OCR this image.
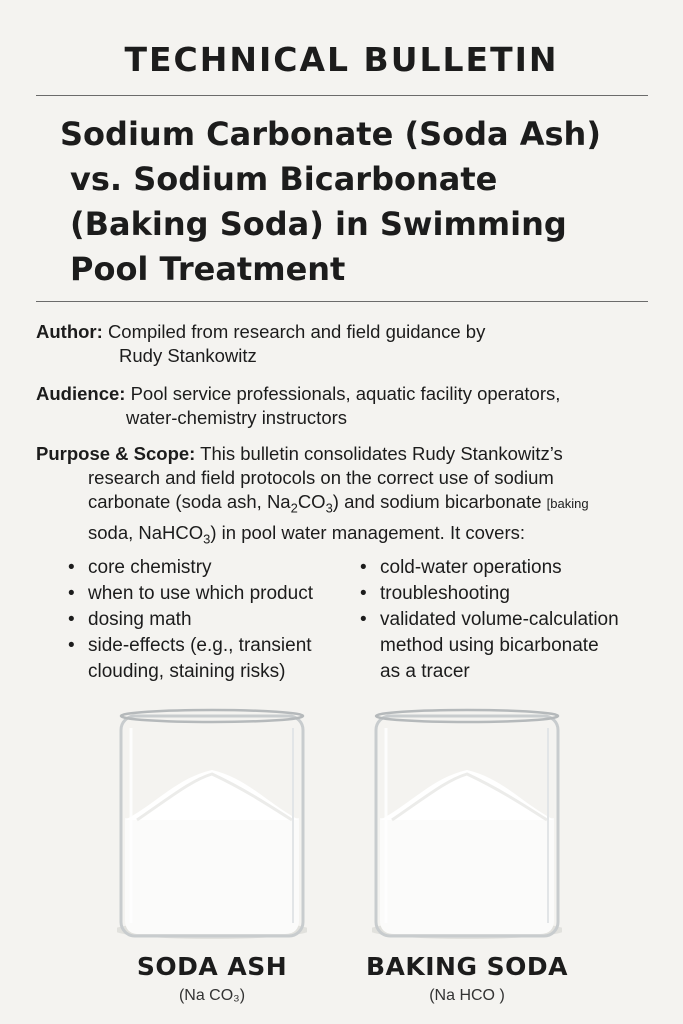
TECHNICAL BULLETIN
Sodium Carbonate (Soda Ash)
vs. Sodium Bicarbonate
(Baking Soda) in Swimming
Pool Treatment
Author: Compiled from research and field guidance by
Rudy Stankowitz
Audience: Pool service professionals, aquatic facility operators,
water-chemistry instructors
Purpose & Scope: This bulletin consolidates Rudy Stankowitz’s
research and field protocols on the correct use of sodium
carbonate (soda ash, $Na_2CO_3$) and sodium bicarbonate [baking
soda, NaHCO$_3$) in pool water management. It covers:
• core chemistry
• when to use which product
• dosing math
• side-effects (e.g., transient
clouding, staining risks)
• cold-water operations
• troubleshooting
• validated volume-calculation
method using bicarbonate
as a tracer
SODA ASH
(Na CO₃)
BAKING SODA
(Na HCO )
